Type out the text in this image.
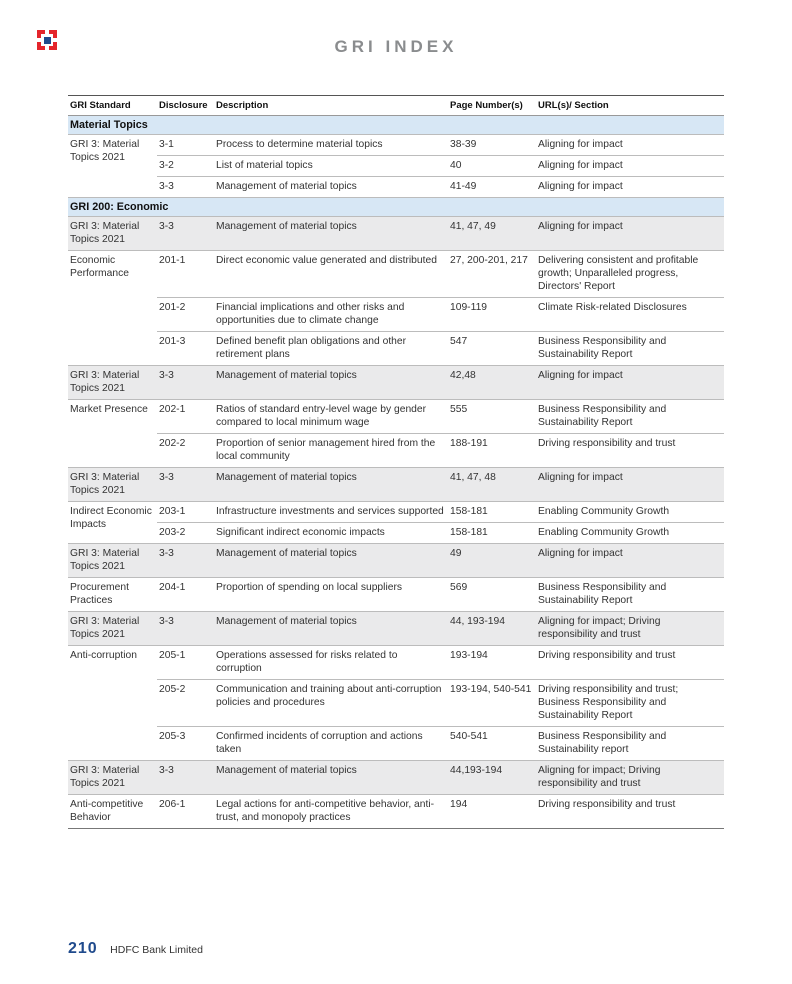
GRI INDEX
GRI Standard	Disclosure	Description	Page Number(s)	URL(s)/ Section
Material Topics				
GRI 3: Material Topics 2021	3-1	Process to determine material topics	38-39	Aligning for impact
	3-2	List of material topics	40	Aligning for impact
	3-3	Management of material topics	41-49	Aligning for impact
GRI 200: Economic				
GRI 3: Material Topics 2021	3-3	Management of material topics	41, 47, 49	Aligning for impact
Economic Performance	201-1	Direct economic value generated and distributed	27, 200-201, 217	Delivering consistent and profitable growth; Unparalleled progress, Directors' Report
	201-2	Financial implications and other risks and opportunities due to climate change	109-119	Climate Risk-related Disclosures
	201-3	Defined benefit plan obligations and other retirement plans	547	Business Responsibility and Sustainability Report
GRI 3: Material Topics 2021	3-3	Management of material topics	42,48	Aligning for impact
Market Presence	202-1	Ratios of standard entry-level wage by gender compared to local minimum wage	555	Business Responsibility and Sustainability Report
	202-2	Proportion of senior management hired from the local community	188-191	Driving responsibility and trust
GRI 3: Material Topics 2021	3-3	Management of material topics	41, 47, 48	Aligning for impact
Indirect Economic Impacts	203-1	Infrastructure investments and services supported	158-181	Enabling Community Growth
	203-2	Significant indirect economic impacts	158-181	Enabling Community Growth
GRI 3: Material Topics 2021	3-3	Management of material topics	49	Aligning for impact
Procurement Practices	204-1	Proportion of spending on local suppliers	569	Business Responsibility and Sustainability Report
GRI 3: Material Topics 2021	3-3	Management of material topics	44, 193-194	Aligning for impact; Driving responsibility and trust
Anti-corruption	205-1	Operations assessed for risks related to corruption	193-194	Driving responsibility and trust
	205-2	Communication and training about anti-corruption policies and procedures	193-194, 540-541	Driving responsibility and trust; Business Responsibility and Sustainability Report
	205-3	Confirmed incidents of corruption and actions taken	540-541	Business Responsibility and Sustainability report
GRI 3: Material Topics 2021	3-3	Management of material topics	44,193-194	Aligning for impact; Driving responsibility and trust
Anti-competitive Behavior	206-1	Legal actions for anti-competitive behavior, anti-trust, and monopoly practices	194	Driving responsibility and trust
210 HDFC Bank Limited
